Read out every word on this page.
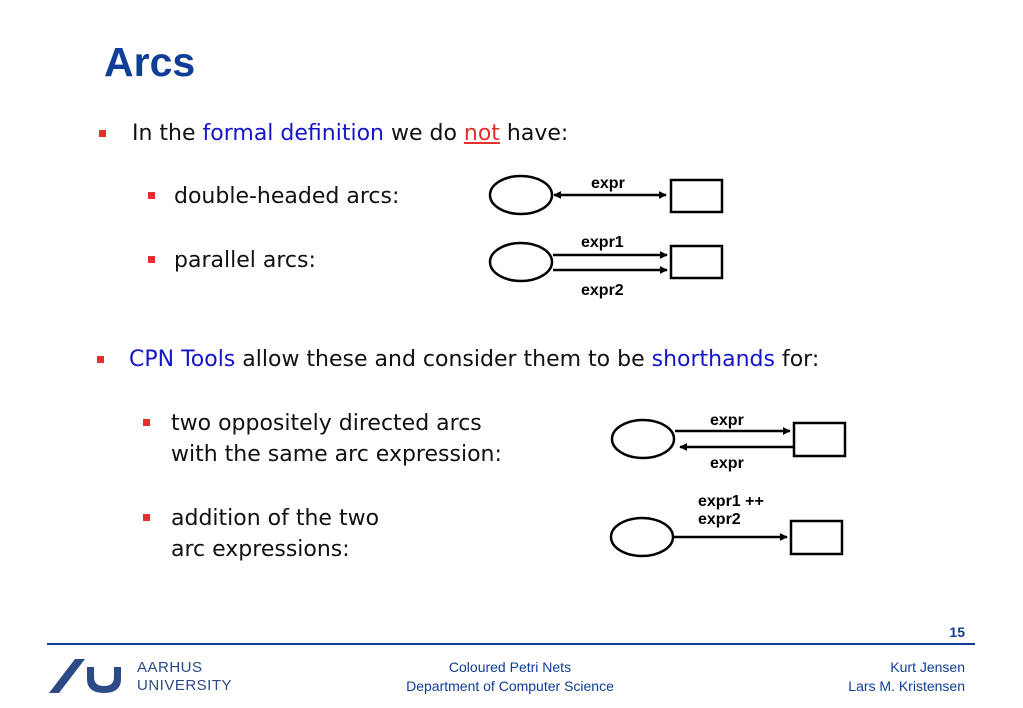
Arcs
In the formal definition we do not have:
double-headed arcs:
parallel arcs:
CPN Tools allow these and consider them to be shorthands for:
two oppositely directed arcs
with the same arc expression:
addition of the two
arc expressions:
expr
expr1
expr2
expr
expr
expr1 ++
expr2
15
AARHUS
UNIVERSITY
Coloured Petri Nets
Department of Computer Science
Kurt Jensen
Lars M. Kristensen
